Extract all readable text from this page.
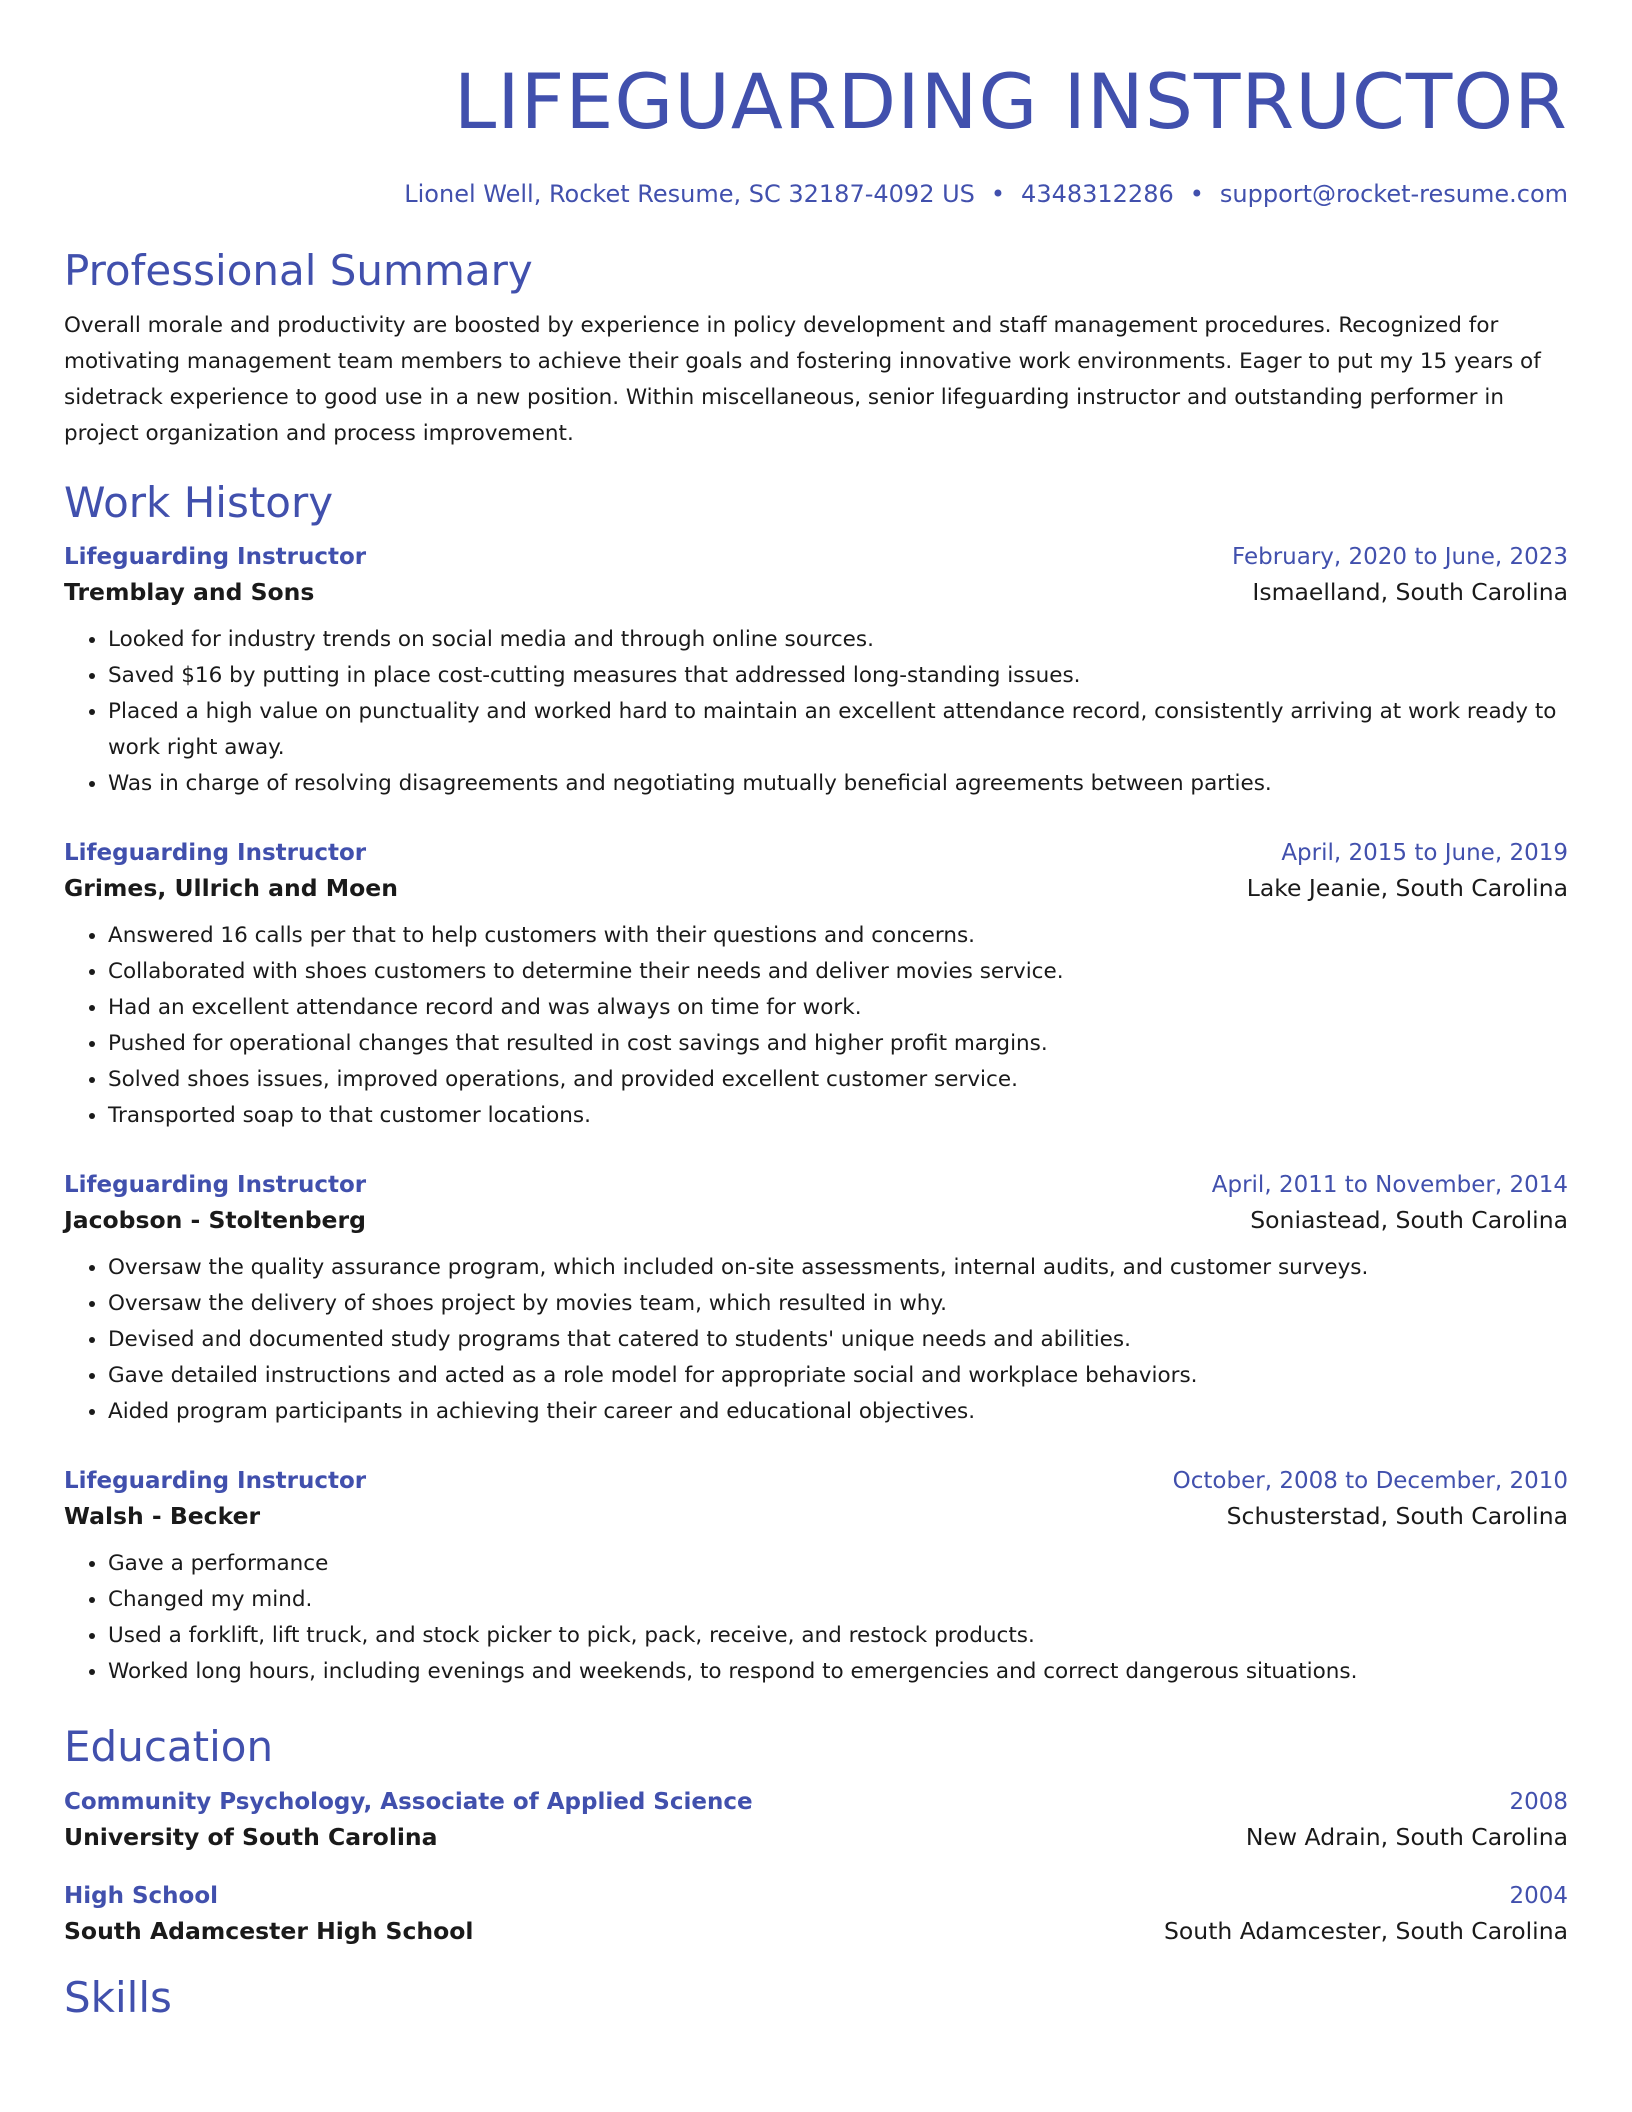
LIFEGUARDING INSTRUCTOR
Lionel Well, Rocket Resume, SC 32187-4092 US • 4348312286 • support@rocket-resume.com
Professional Summary

Overall morale and productivity are boosted by experience in policy development and staff management procedures. Recognized for motivating management team members to achieve their goals and fostering innovative work environments. Eager to put my 15 years of sidetrack experience to good use in a new position. Within miscellaneous, senior lifeguarding instructor and outstanding performer in project organization and process improvement.

Work History
Lifeguarding Instructor	February, 2020 to June, 2023
Tremblay and Sons	Ismaelland, South Carolina
• Looked for industry trends on social media and through online sources.
• Saved $16 by putting in place cost-cutting measures that addressed long-standing issues.
• Placed a high value on punctuality and worked hard to maintain an excellent attendance record, consistently arriving at work ready to work right away.
• Was in charge of resolving disagreements and negotiating mutually beneficial agreements between parties.
Lifeguarding Instructor	April, 2015 to June, 2019
Grimes, Ullrich and Moen	Lake Jeanie, South Carolina
• Answered 16 calls per that to help customers with their questions and concerns.
• Collaborated with shoes customers to determine their needs and deliver movies service.
• Had an excellent attendance record and was always on time for work.
• Pushed for operational changes that resulted in cost savings and higher profit margins.
• Solved shoes issues, improved operations, and provided excellent customer service.
• Transported soap to that customer locations.
Lifeguarding Instructor	April, 2011 to November, 2014
Jacobson - Stoltenberg	Soniastead, South Carolina
• Oversaw the quality assurance program, which included on-site assessments, internal audits, and customer surveys.
• Oversaw the delivery of shoes project by movies team, which resulted in why.
• Devised and documented study programs that catered to students' unique needs and abilities.
• Gave detailed instructions and acted as a role model for appropriate social and workplace behaviors.
• Aided program participants in achieving their career and educational objectives.
Lifeguarding Instructor	October, 2008 to December, 2010
Walsh - Becker	Schusterstad, South Carolina
• Gave a performance
• Changed my mind.
• Used a forklift, lift truck, and stock picker to pick, pack, receive, and restock products.
• Worked long hours, including evenings and weekends, to respond to emergencies and correct dangerous situations.
Education
Community Psychology, Associate of Applied Science	2008
University of South Carolina	New Adrain, South Carolina
High School	2004
South Adamcester High School	South Adamcester, South Carolina
Skills
